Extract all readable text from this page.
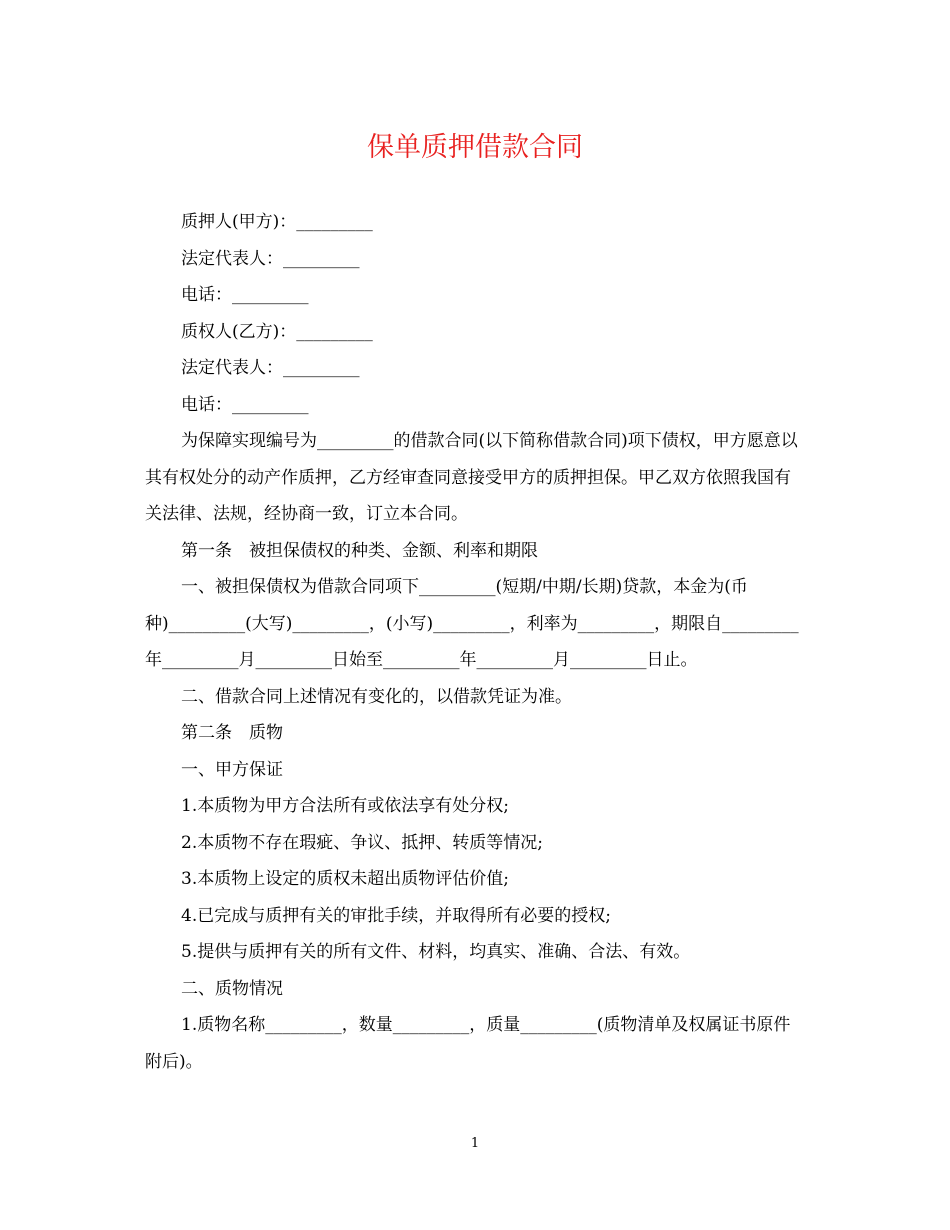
保单质押借款合同

质押人(甲方)：_________

法定代表人：_________

电话：_________

质权人(乙方)：_________

法定代表人：_________

电话：_________

为保障实现编号为_________的借款合同(以下简称借款合同)项下债权，甲方愿意以其有权处分的动产作质押，乙方经审查同意接受甲方的质押担保。甲乙双方依照我国有关法律、法规，经协商一致，订立本合同。

第一条　被担保债权的种类、金额、利率和期限

一、被担保债权为借款合同项下_________(短期/中期/长期)贷款，本金为(币种)_________(大写)_________，(小写)_________，利率为_________，期限自_________年_________月_________日始至_________年_________月_________日止。

二、借款合同上述情况有变化的，以借款凭证为准。

第二条　质物

一、甲方保证

1.本质物为甲方合法所有或依法享有处分权;

2.本质物不存在瑕疵、争议、抵押、转质等情况;

3.本质物上设定的质权未超出质物评估价值;

4.已完成与质押有关的审批手续，并取得所有必要的授权;

5.提供与质押有关的所有文件、材料，均真实、准确、合法、有效。

二、质物情况

1.质物名称_________，数量_________，质量_________(质物清单及权属证书原件附后)。

1
